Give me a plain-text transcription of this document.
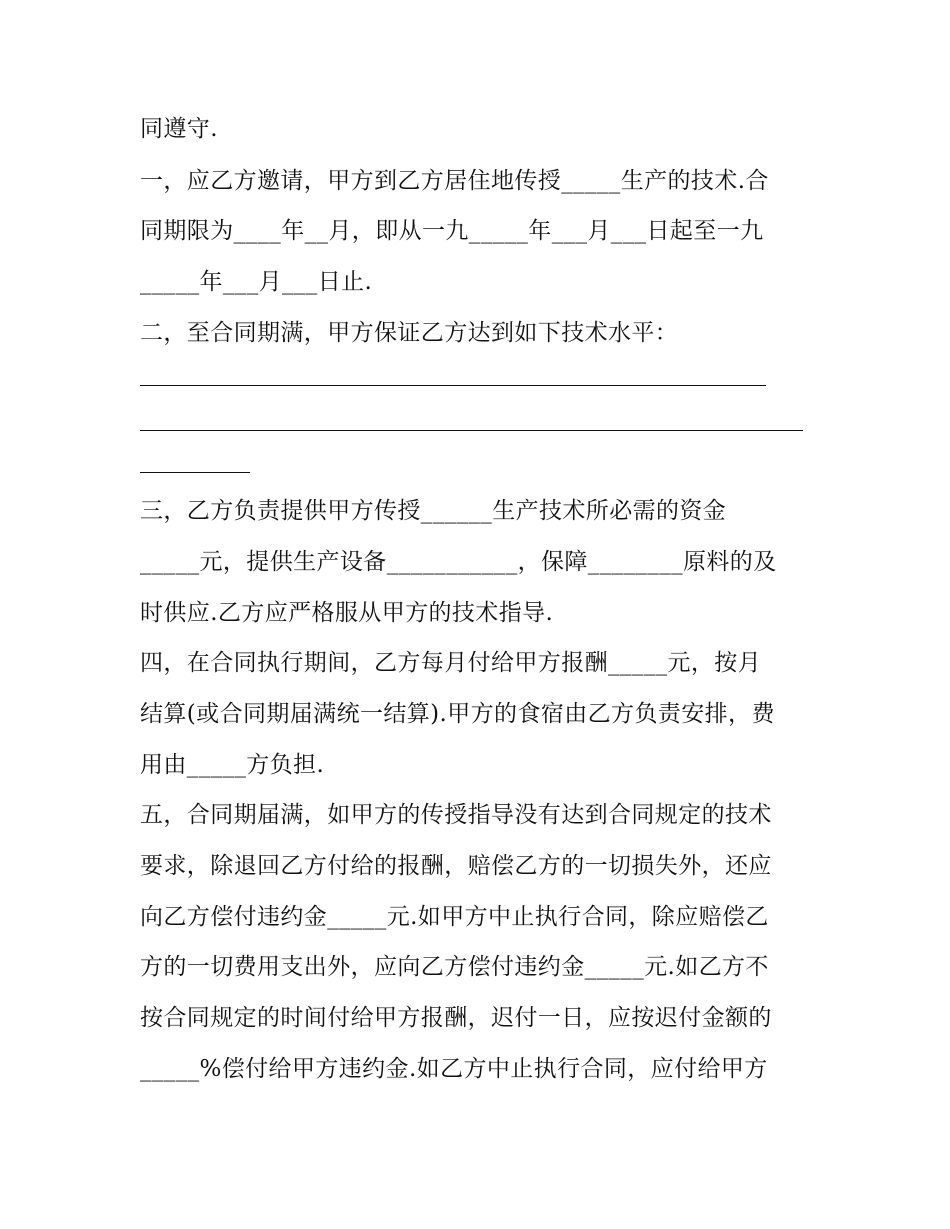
同遵守.
一，应乙方邀请，甲方到乙方居住地传授_____生产的技术.合
同期限为____年__月，即从一九_____年___月___日起至一九
_____年___月___日止.
二，至合同期满，甲方保证乙方达到如下技术水平：
三，乙方负责提供甲方传授______生产技术所必需的资金
_____元，提供生产设备___________，保障________原料的及
时供应.乙方应严格服从甲方的技术指导.
四，在合同执行期间，乙方每月付给甲方报酬_____元，按月
结算(或合同期届满统一结算).甲方的食宿由乙方负责安排，费
用由_____方负担.
五，合同期届满，如甲方的传授指导没有达到合同规定的技术
要求，除退回乙方付给的报酬，赔偿乙方的一切损失外，还应
向乙方偿付违约金_____元.如甲方中止执行合同，除应赔偿乙
方的一切费用支出外，应向乙方偿付违约金_____元.如乙方不
按合同规定的时间付给甲方报酬，迟付一日，应按迟付金额的
_____%偿付给甲方违约金.如乙方中止执行合同，应付给甲方
